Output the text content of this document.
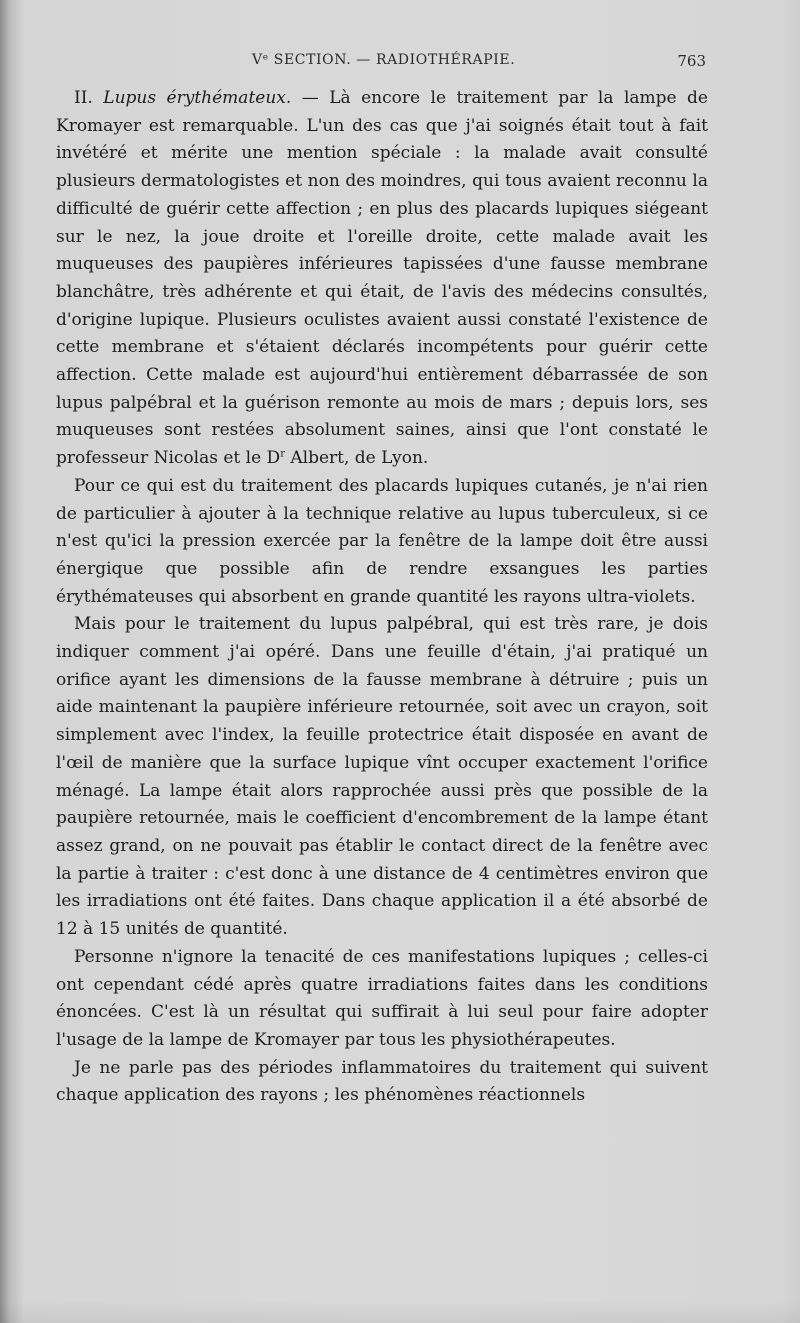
Vᵉ SECTION. — RADIOTHÉRAPIE.	763

II. Lupus érythémateux. — Là encore le traitement par la lampe de Kromayer est remarquable. L'un des cas que j'ai soignés était tout à fait invétéré et mérite une mention spéciale : la malade avait consulté plusieurs dermatologistes et non des moindres, qui tous avaient reconnu la difficulté de guérir cette affection ; en plus des placards lupiques siégeant sur le nez, la joue droite et l'oreille droite, cette malade avait les muqueuses des paupières inférieures tapissées d'une fausse membrane blanchâtre, très adhérente et qui était, de l'avis des médecins consultés, d'origine lupique. Plusieurs oculistes avaient aussi constaté l'existence de cette membrane et s'étaient déclarés incompétents pour guérir cette affection. Cette malade est aujourd'hui entièrement débarrassée de son lupus palpébral et la guérison remonte au mois de mars ; depuis lors, ses muqueuses sont restées absolument saines, ainsi que l'ont constaté le professeur Nicolas et le $D^r$ Albert, de Lyon.

Pour ce qui est du traitement des placards lupiques cutanés, je n'ai rien de particulier à ajouter à la technique relative au lupus tuberculeux, si ce n'est qu'ici la pression exercée par la fenêtre de la lampe doit être aussi énergique que possible afin de rendre exsangues les parties érythémateuses qui absorbent en grande quantité les rayons ultra-violets.

Mais pour le traitement du lupus palpébral, qui est très rare, je dois indiquer comment j'ai opéré. Dans une feuille d'étain, j'ai pratiqué un orifice ayant les dimensions de la fausse membrane à détruire ; puis un aide maintenant la paupière inférieure retournée, soit avec un crayon, soit simplement avec l'index, la feuille protectrice était disposée en avant de l'œil de manière que la surface lupique vînt occuper exactement l'orifice ménagé. La lampe était alors rapprochée aussi près que possible de la paupière retournée, mais le coefficient d'encombrement de la lampe étant assez grand, on ne pouvait pas établir le contact direct de la fenêtre avec la partie à traiter : c'est donc à une distance de 4 centimètres environ que les irradiations ont été faites. Dans chaque application il a été absorbé de 12 à 15 unités de quantité.

Personne n'ignore la tenacité de ces manifestations lupiques ; celles-ci ont cependant cédé après quatre irradiations faites dans les conditions énoncées. C'est là un résultat qui suffirait à lui seul pour faire adopter l'usage de la lampe de Kromayer par tous les physiothérapeutes.

Je ne parle pas des périodes inflammatoires du traitement qui suivent chaque application des rayons ; les phénomènes réactionnels
